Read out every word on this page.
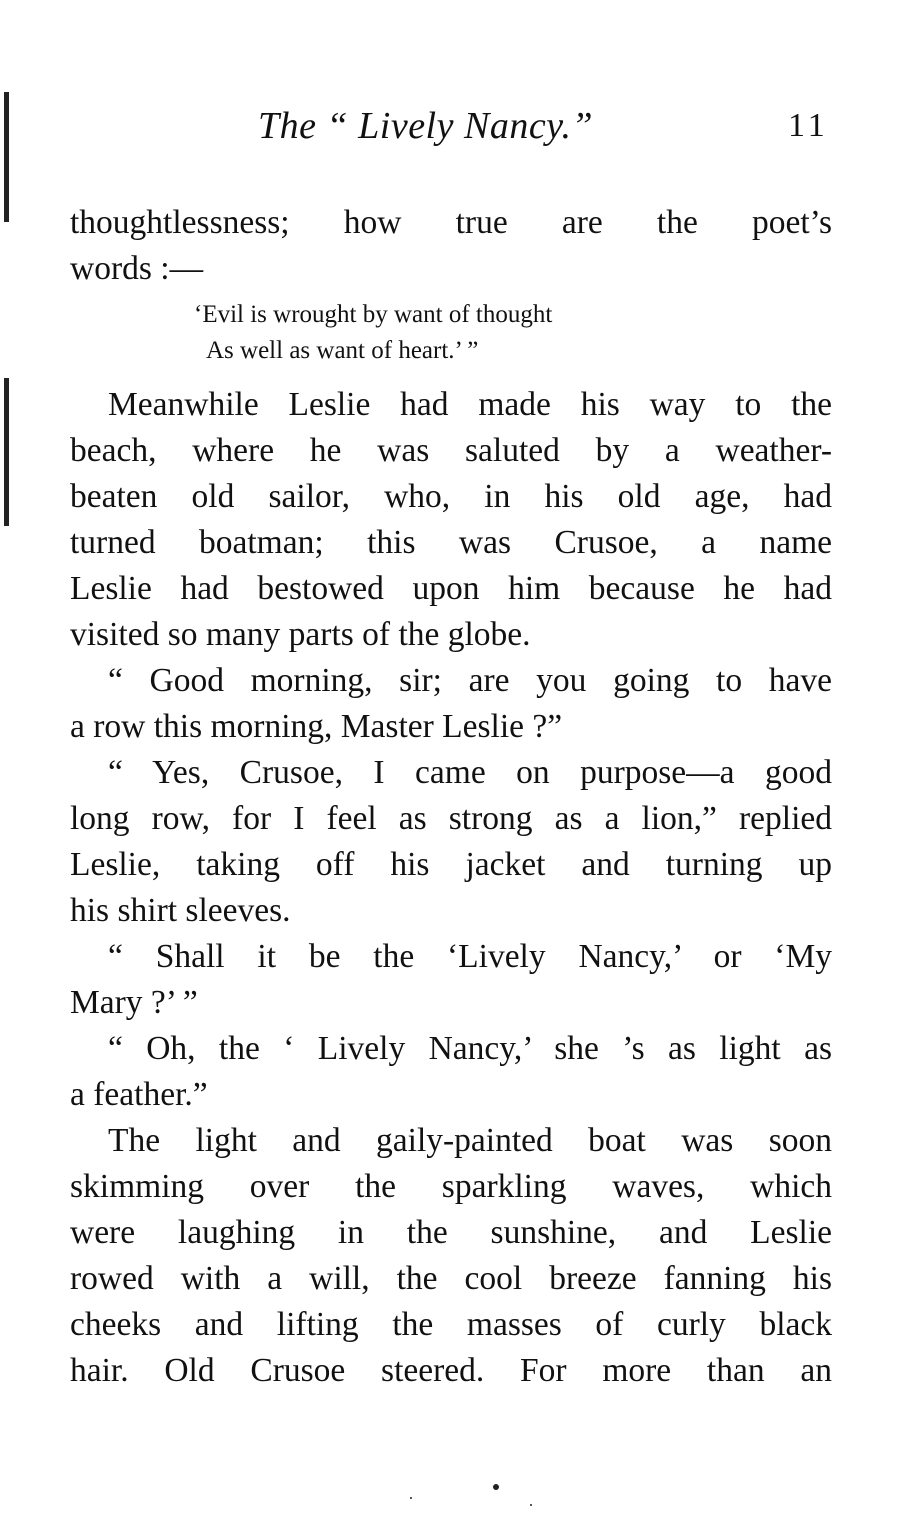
The “ Lively Nancy.”	11
thoughtlessness; how true are the poet’s
words :—
‘Evil is wrought by want of thought
As well as want of heart.’ ”
Meanwhile Leslie had made his way to the
beach, where he was saluted by a weather-
beaten old sailor, who, in his old age, had
turned boatman; this was Crusoe, a name
Leslie had bestowed upon him because he had
visited so many parts of the globe.
“ Good morning, sir; are you going to have
a row this morning, Master Leslie ?”
“ Yes, Crusoe, I came on purpose—a good
long row, for I feel as strong as a lion,” replied
Leslie, taking off his jacket and turning up
his shirt sleeves.
“ Shall it be the ‘Lively Nancy,’ or ‘My
Mary ?’ ”
“ Oh, the ‘ Lively Nancy,’ she ’s as light as
a feather.”
The light and gaily-painted boat was soon
skimming over the sparkling waves, which
were laughing in the sunshine, and Leslie
rowed with a will, the cool breeze fanning his
cheeks and lifting the masses of curly black
hair. Old Crusoe steered. For more than an
